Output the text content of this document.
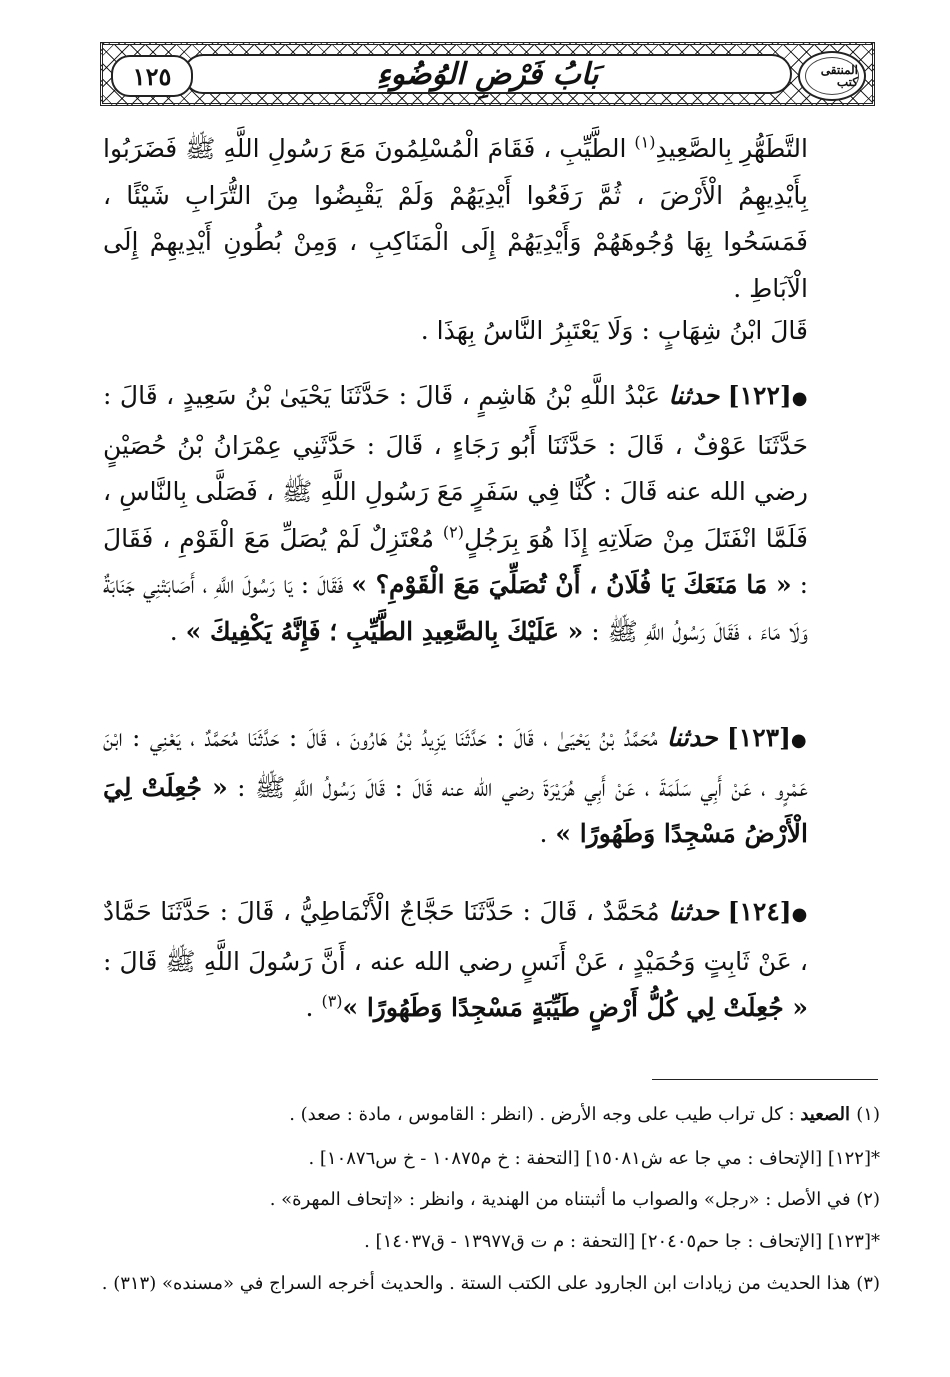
المنتقى كتب
بَابُ فَرْضِ الوُضُوءِ
١٢٥
التَّطَهُّرِ بِالصَّعِيدِ$^{(١)}$ الطَّيِّبِ ، فَقَامَ الْمُسْلِمُونَ مَعَ رَسُولِ اللَّهِ ﷺ فَضَرَبُوا بِأَيْدِيهِمُ الْأَرْضَ ، ثُمَّ رَفَعُوا أَيْدِيَهُمْ وَلَمْ يَقْبِضُوا مِنَ التُّرَابِ شَيْئًا ، فَمَسَحُوا بِهَا وُجُوهَهُمْ وَأَيْدِيَهُمْ إِلَى الْمَنَاكِبِ ، وَمِنْ بُطُونِ أَيْدِيهِمْ إِلَى الْآبَاطِ .
قَالَ ابْنُ شِهَابٍ : وَلَا يَعْتَبِرُ النَّاسُ بِهَذَا .
●[١٢٢] حدثنا عَبْدُ اللَّهِ بْنُ هَاشِمٍ ، قَالَ : حَدَّثَنَا يَحْيَىٰ بْنُ سَعِيدٍ ، قَالَ : حَدَّثَنَا عَوْفٌ ، قَالَ : حَدَّثَنَا أَبُو رَجَاءٍ ، قَالَ : حَدَّثَنِي عِمْرَانُ بْنُ حُصَيْنٍ رضي الله عنه قَالَ : كُنَّا فِي سَفَرٍ مَعَ رَسُولِ اللَّهِ ﷺ ، فَصَلَّى بِالنَّاسِ ، فَلَمَّا انْفَتَلَ مِنْ صَلَاتِهِ إِذَا هُوَ بِرَجُلٍ$^{(٢)}$ مُعْتَزِلٌ لَمْ يُصَلِّ مَعَ الْقَوْمِ ، فَقَالَ : « مَا مَنَعَكَ يَا فُلَانُ ، أَنْ تُصَلِّيَ مَعَ الْقَوْمِ؟ » فَقَالَ : يَا رَسُولَ اللَّهِ ، أَصَابَتْنِي جَنَابَةٌ وَلَا مَاءَ ، فَقَالَ رَسُولُ اللَّهِ ﷺ : « عَلَيْكَ بِالصَّعِيدِ الطَّيِّبِ ؛ فَإِنَّهُ يَكْفِيكَ » .
●[١٢٣] حدثنا مُحَمَّدُ بْنُ يَحْيَىٰ ، قَالَ : حَدَّثَنَا يَزِيدُ بْنُ هَارُونَ ، قَالَ : حَدَّثَنَا مُحَمَّدٌ ، يَعْنِي : ابْنَ عَمْرٍو ، عَنْ أَبِي سَلَمَةَ ، عَنْ أَبِي هُرَيْرَةَ رضي الله عنه قَالَ : قَالَ رَسُولُ اللَّهِ ﷺ : « جُعِلَتْ لِيَ الْأَرْضُ مَسْجِدًا وَطَهُورًا » .
●[١٢٤] حدثنا مُحَمَّدٌ ، قَالَ : حَدَّثَنَا حَجَّاجٌ الْأَنْمَاطِيُّ ، قَالَ : حَدَّثَنَا حَمَّادٌ ، عَنْ ثَابِتٍ وَحُمَيْدٍ ، عَنْ أَنَسٍ رضي الله عنه ، أَنَّ رَسُولَ اللَّهِ ﷺ قَالَ : « جُعِلَتْ لِي كُلُّ أَرْضٍ طَيِّبَةٍ مَسْجِدًا وَطَهُورًا »$^{(٣)}$ .
(١) الصعيد : كل تراب طيب على وجه الأرض . (انظر : القاموس ، مادة : صعد) .
*[١٢٢] [الإتحاف : مي جا عه ش١٥٠٨١] [التحفة : خ م١٠٨٧٥ - خ س١٠٨٧٦] .
(٢) في الأصل : «رجل» والصواب ما أثبتناه من الهندية ، وانظر : «إتحاف المهرة» .
*[١٢٣] [الإتحاف : جا حم٢٠٤٠٥] [التحفة : م ت ق١٣٩٧٧ - ق١٤٠٣٧] .
(٣) هذا الحديث من زيادات ابن الجارود على الكتب الستة . والحديث أخرجه السراج في «مسنده» (٣١٣) .
